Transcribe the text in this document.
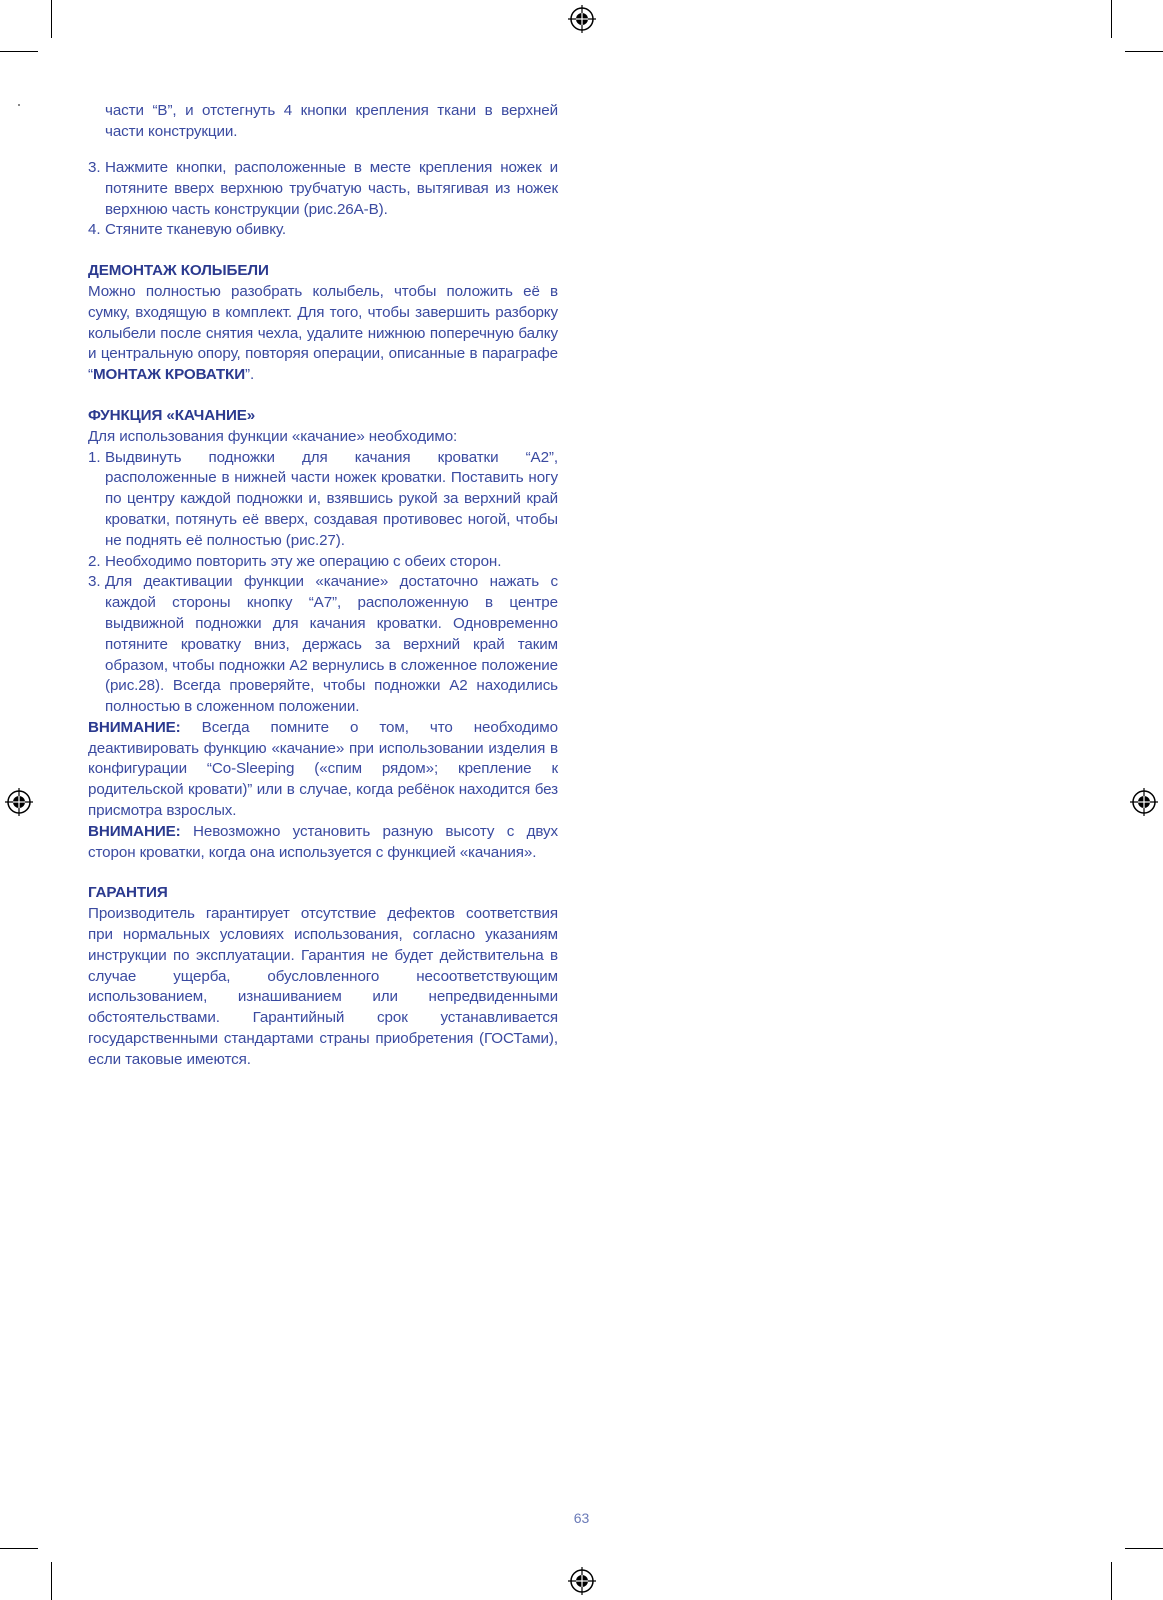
части “B”, и отстегнуть 4 кнопки крепления ткани в верхней части конструкции.

3. Нажмите кнопки, расположенные в месте крепления ножек и потяните вверх верхнюю трубчатую часть, вытягивая из ножек верхнюю часть конструкции (рис.26A-B).
4. Стяните тканевую обивку.
ДЕМОНТАЖ КОЛЫБЕЛИ

Можно полностью разобрать колыбель, чтобы положить её в сумку, входящую в комплект. Для того, чтобы завершить разборку колыбели после снятия чехла, удалите нижнюю поперечную балку и центральную опору, повторяя операции, описанные в параграфе “МОНТАЖ КРОВАТКИ”.

ФУНКЦИЯ «КАЧАНИЕ»

Для использования функции «качание» необходимо:

1. Выдвинуть подножки для качания кроватки “A2”, расположенные в нижней части ножек кроватки. Поставить ногу по центру каждой подножки и, взявшись рукой за верхний край кроватки, потянуть её вверх, создавая противовес ногой, чтобы не поднять её полностью (рис.27).
2. Необходимо повторить эту же операцию с обеих сторон.
3. Для деактивации функции «качание» достаточно нажать с каждой стороны кнопку “A7”, расположенную в центре выдвижной подножки для качания кроватки. Одновременно потяните кроватку вниз, держась за верхний край таким образом, чтобы подножки A2 вернулись в сложенное положение (рис.28). Всегда проверяйте, чтобы подножки A2 находились полностью в сложенном положении.

ВНИМАНИЕ: Всегда помните о том, что необходимо деактивировать функцию «качание» при использовании изделия в конфигурации “Co-Sleeping («спим рядом»; крепление к родительской кровати)” или в случае, когда ребёнок находится без присмотра взрослых.

ВНИМАНИЕ: Невозможно установить разную высоту с двух сторон кроватки, когда она используется с функцией «качания».

ГАРАНТИЯ

Производитель гарантирует отсутствие дефектов соответствия при нормальных условиях использования, согласно указаниям инструкции по эксплуатации. Гарантия не будет действительна в случае ущерба, обусловленного несоответствующим использованием, изнашиванием или непредвиденными обстоятельствами. Гарантийный срок устанавливается государственными стандартами страны приобретения (ГОСТами), если таковые имеются.

63
